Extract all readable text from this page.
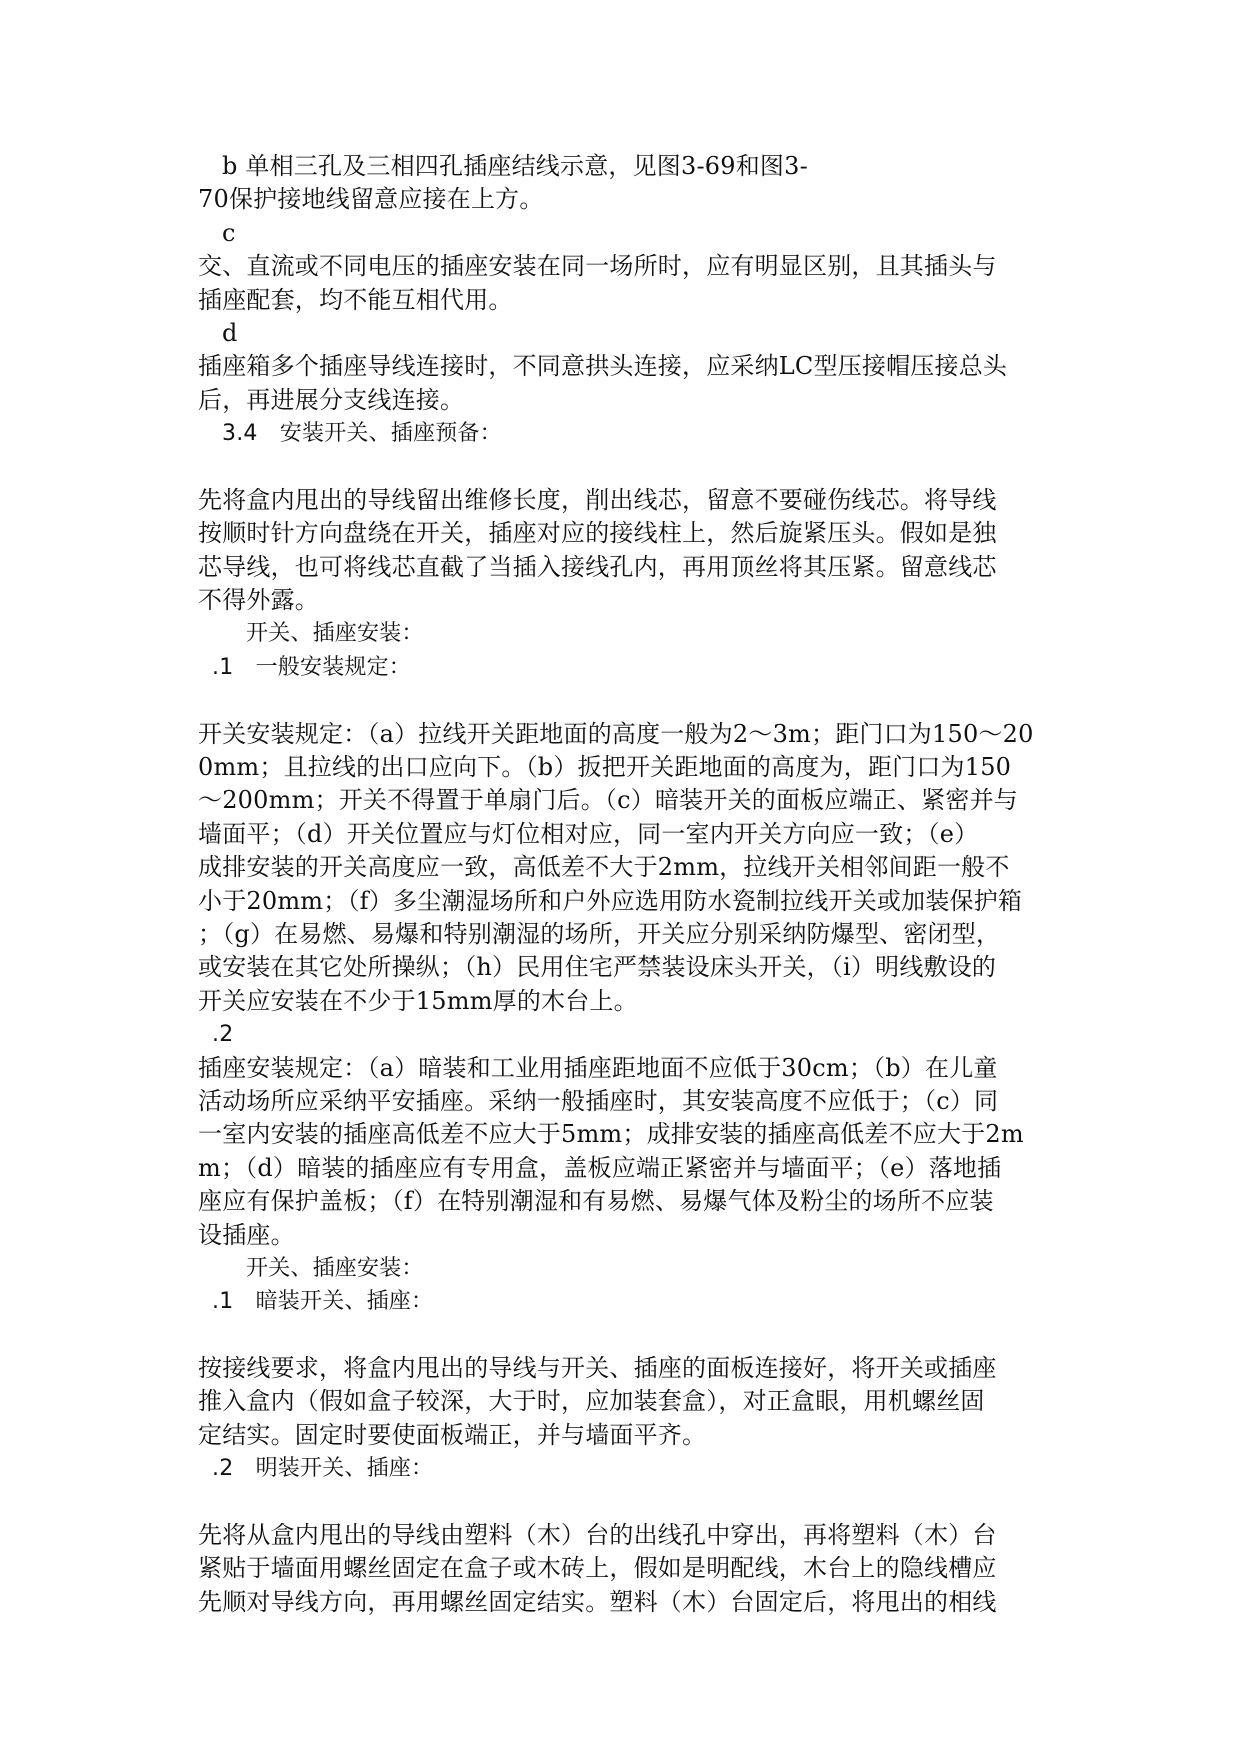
b 单相三孔及三相四孔插座结线示意，见图3-69和图3-
70保护接地线留意应接在上方。
c
交、直流或不同电压的插座安装在同一场所时，应有明显区别，且其插头与
插座配套，均不能互相代用。
d
插座箱多个插座导线连接时，不同意拱头连接，应采纳LC型压接帽压接总头
后，再进展分支线连接。
3.4　安装开关、插座预备：
先将盒内甩出的导线留出维修长度，削出线芯，留意不要碰伤线芯。将导线
按顺时针方向盘绕在开关，插座对应的接线柱上，然后旋紧压头。假如是独
芯导线，也可将线芯直截了当插入接线孔内，再用顶丝将其压紧。留意线芯
不得外露。
开关、插座安装：
.1　一般安装规定：
开关安装规定：（a）拉线开关距地面的高度一般为2～3m；距门口为150～20
0mm；且拉线的出口应向下。（b）扳把开关距地面的高度为，距门口为150
～200mm；开关不得置于单扇门后。（c）暗装开关的面板应端正、紧密并与
墙面平；（d）开关位置应与灯位相对应，同一室内开关方向应一致；（e）
成排安装的开关高度应一致，高低差不大于2mm，拉线开关相邻间距一般不
小于20mm；（f）多尘潮湿场所和户外应选用防水瓷制拉线开关或加装保护箱
；（g）在易燃、易爆和特别潮湿的场所，开关应分别采纳防爆型、密闭型，
或安装在其它处所操纵；（h）民用住宅严禁装设床头开关，（i）明线敷设的
开关应安装在不少于15mm厚的木台上。
.2
插座安装规定：（a）暗装和工业用插座距地面不应低于30cm；（b）在儿童
活动场所应采纳平安插座。采纳一般插座时，其安装高度不应低于；（c）同
一室内安装的插座高低差不应大于5mm；成排安装的插座高低差不应大于2m
m；（d）暗装的插座应有专用盒，盖板应端正紧密并与墙面平；（e）落地插
座应有保护盖板；（f）在特别潮湿和有易燃、易爆气体及粉尘的场所不应装
设插座。
开关、插座安装：
.1　暗装开关、插座：
按接线要求，将盒内甩出的导线与开关、插座的面板连接好，将开关或插座
推入盒内（假如盒子较深，大于时，应加装套盒），对正盒眼，用机螺丝固
定结实。固定时要使面板端正，并与墙面平齐。
.2　明装开关、插座：
先将从盒内甩出的导线由塑料（木）台的出线孔中穿出，再将塑料（木）台
紧贴于墙面用螺丝固定在盒子或木砖上，假如是明配线，木台上的隐线槽应
先顺对导线方向，再用螺丝固定结实。塑料（木）台固定后，将甩出的相线
